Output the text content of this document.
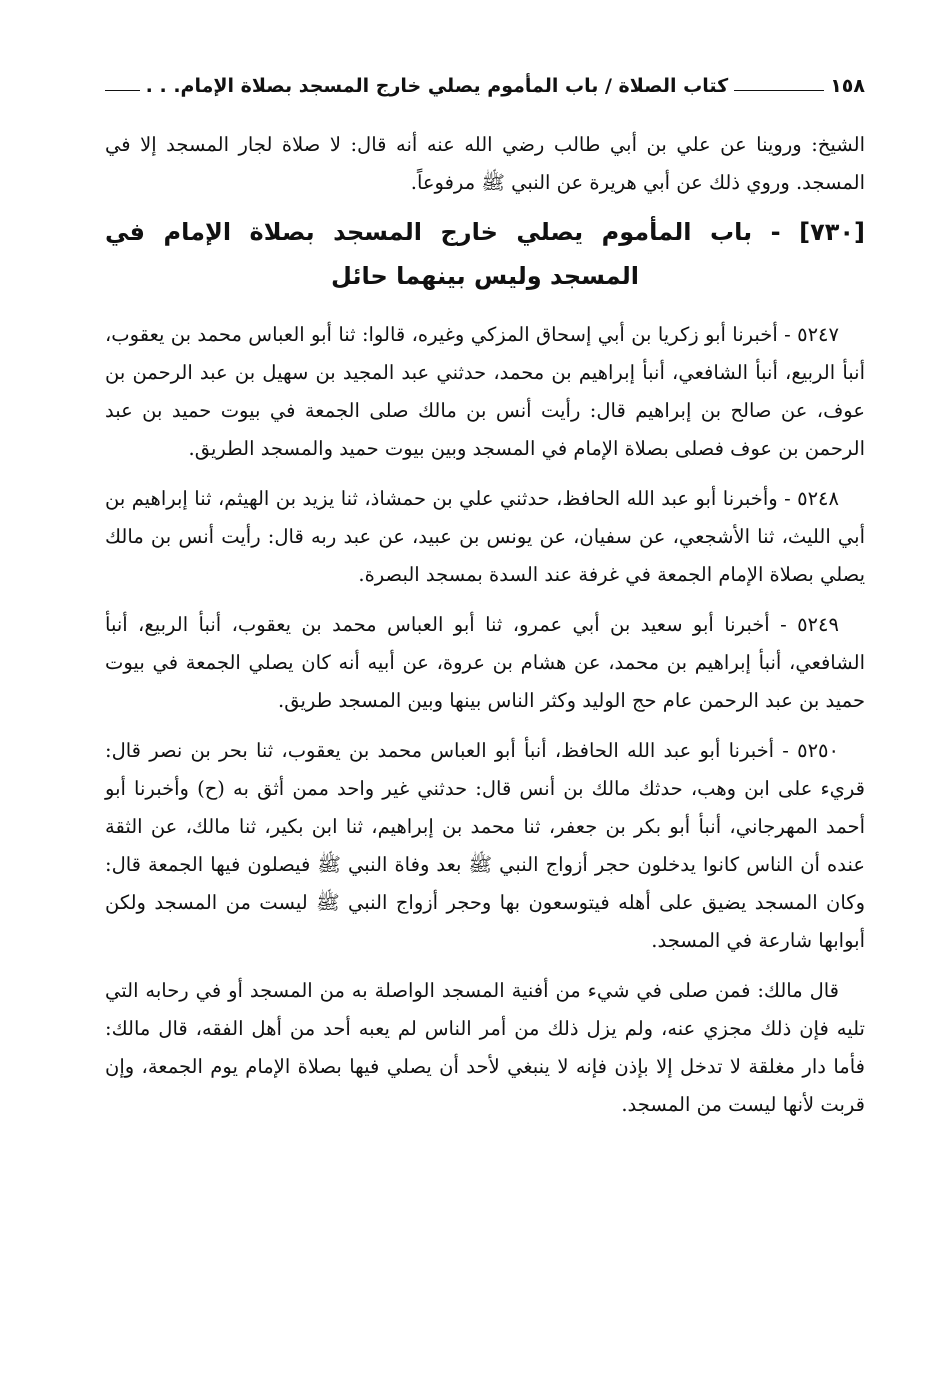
١٥٨
كتاب الصلاة / باب المأموم يصلي خارج المسجد بصلاة الإمام. . .

الشيخ: وروينا عن علي بن أبي طالب رضي الله عنه أنه قال: لا صلاة لجار المسجد إلا في المسجد. وروي ذلك عن أبي هريرة عن النبي ﷺ مرفوعاً.

[٧٣٠] - باب المأموم يصلي خارج المسجد بصلاة الإمام في المسجد وليس بينهما حائل

٥٢٤٧ - أخبرنا أبو زكريا بن أبي إسحاق المزكي وغيره، قالوا: ثنا أبو العباس محمد بن يعقوب، أنبأ الربيع، أنبأ الشافعي، أنبأ إبراهيم بن محمد، حدثني عبد المجيد بن سهيل بن عبد الرحمن بن عوف، عن صالح بن إبراهيم قال: رأيت أنس بن مالك صلى الجمعة في بيوت حميد بن عبد الرحمن بن عوف فصلى بصلاة الإمام في المسجد وبين بيوت حميد والمسجد الطريق.

٥٢٤٨ - وأخبرنا أبو عبد الله الحافظ، حدثني علي بن حمشاذ، ثنا يزيد بن الهيثم، ثنا إبراهيم بن أبي الليث، ثنا الأشجعي، عن سفيان، عن يونس بن عبيد، عن عبد ربه قال: رأيت أنس بن مالك يصلي بصلاة الإمام الجمعة في غرفة عند السدة بمسجد البصرة.

٥٢٤٩ - أخبرنا أبو سعيد بن أبي عمرو، ثنا أبو العباس محمد بن يعقوب، أنبأ الربيع، أنبأ الشافعي، أنبأ إبراهيم بن محمد، عن هشام بن عروة، عن أبيه أنه كان يصلي الجمعة في بيوت حميد بن عبد الرحمن عام حج الوليد وكثر الناس بينها وبين المسجد طريق.

٥٢٥٠ - أخبرنا أبو عبد الله الحافظ، أنبأ أبو العباس محمد بن يعقوب، ثنا بحر بن نصر قال: قريء على ابن وهب، حدثك مالك بن أنس قال: حدثني غير واحد ممن أثق به (ح) وأخبرنا أبو أحمد المهرجاني، أنبأ أبو بكر بن جعفر، ثنا محمد بن إبراهيم، ثنا ابن بكير، ثنا مالك، عن الثقة عنده أن الناس كانوا يدخلون حجر أزواج النبي ﷺ بعد وفاة النبي ﷺ فيصلون فيها الجمعة قال: وكان المسجد يضيق على أهله فيتوسعون بها وحجر أزواج النبي ﷺ ليست من المسجد ولكن أبوابها شارعة في المسجد.

قال مالك: فمن صلى في شيء من أفنية المسجد الواصلة به من المسجد أو في رحابه التي تليه فإن ذلك مجزي عنه، ولم يزل ذلك من أمر الناس لم يعبه أحد من أهل الفقه، قال مالك: فأما دار مغلقة لا تدخل إلا بإذن فإنه لا ينبغي لأحد أن يصلي فيها بصلاة الإمام يوم الجمعة، وإن قربت لأنها ليست من المسجد.
